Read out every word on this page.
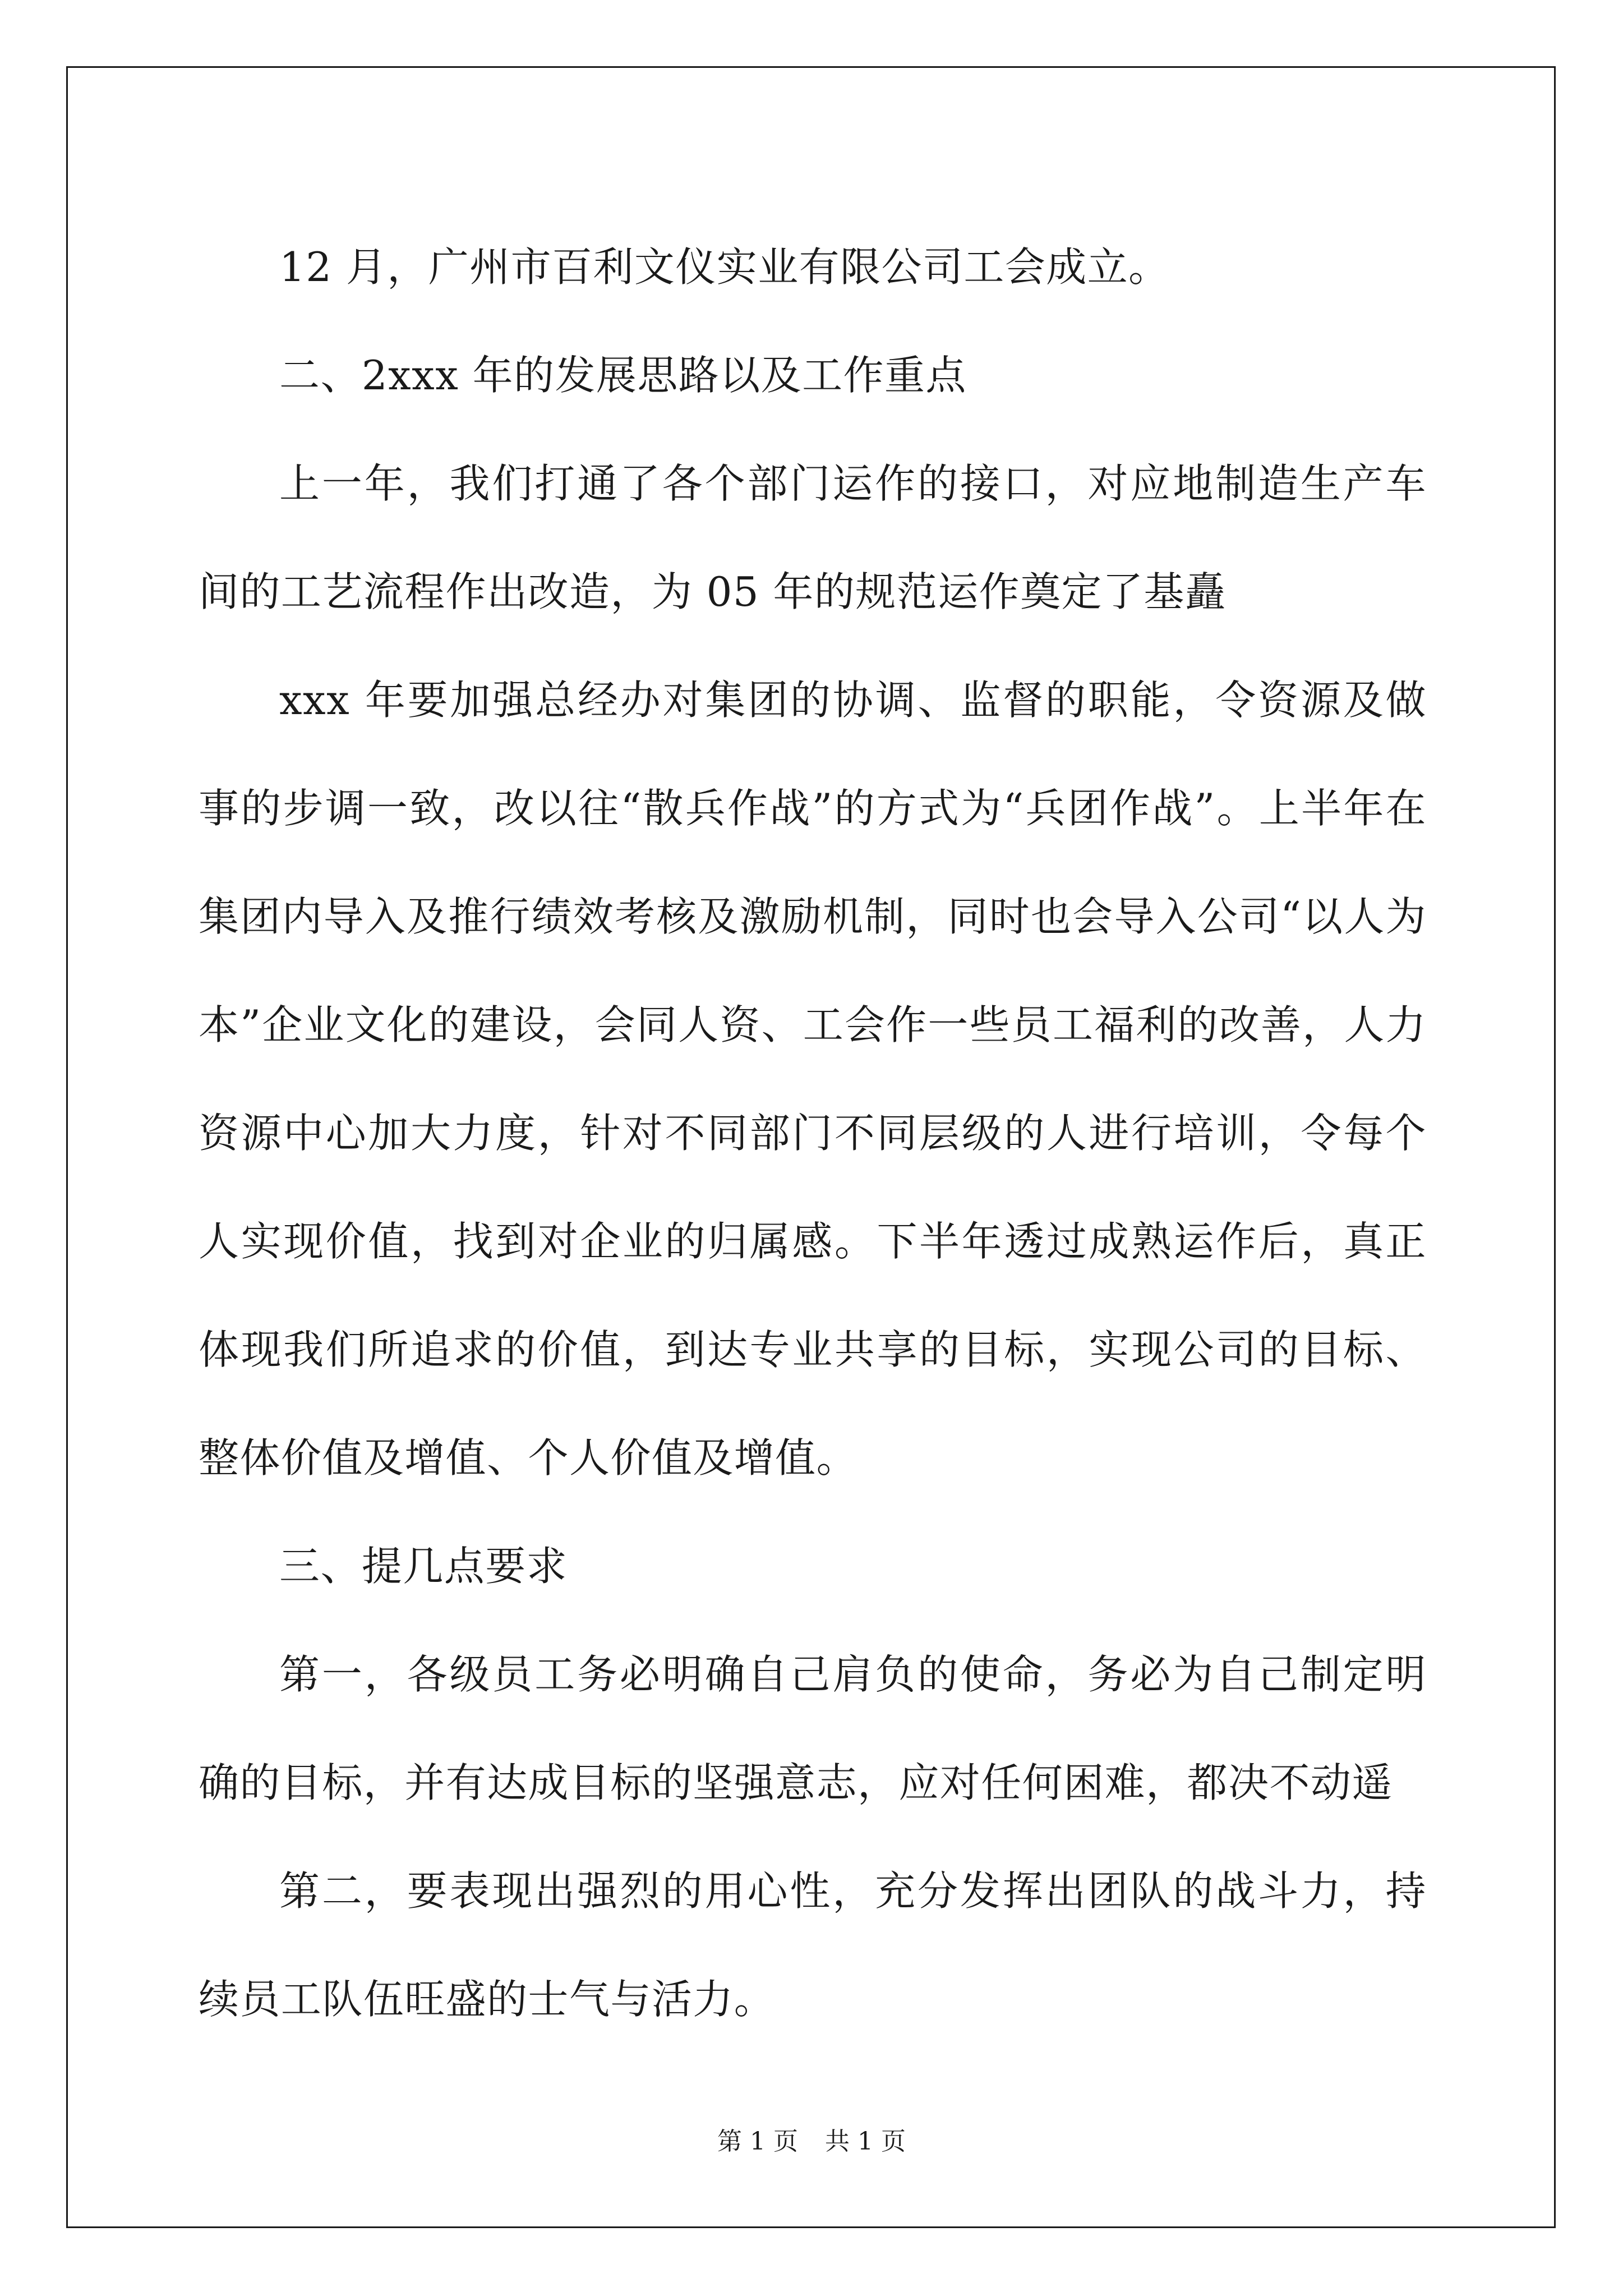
12 月，广州市百利文仪实业有限公司工会成立。

二、2xxx 年的发展思路以及工作重点

上一年，我们打通了各个部门运作的接口，对应地制造生产车间的工艺流程作出改造，为 05 年的规范运作奠定了基矗

xxx 年要加强总经办对集团的协调、监督的职能，令资源及做事的步调一致，改以往“散兵作战”的方式为“兵团作战”。上半年在集团内导入及推行绩效考核及激励机制，同时也会导入公司“以人为本”企业文化的建设，会同人资、工会作一些员工福利的改善，人力资源中心加大力度，针对不同部门不同层级的人进行培训，令每个人实现价值，找到对企业的归属感。下半年透过成熟运作后，真正体现我们所追求的价值，到达专业共享的目标，实现公司的目标、整体价值及增值、个人价值及增值。

三、提几点要求

第一，各级员工务必明确自己肩负的使命，务必为自己制定明确的目标，并有达成目标的坚强意志，应对任何困难，都决不动遥

第二，要表现出强烈的用心性，充分发挥出团队的战斗力，持续员工队伍旺盛的士气与活力。

第 1 页 共 1 页
